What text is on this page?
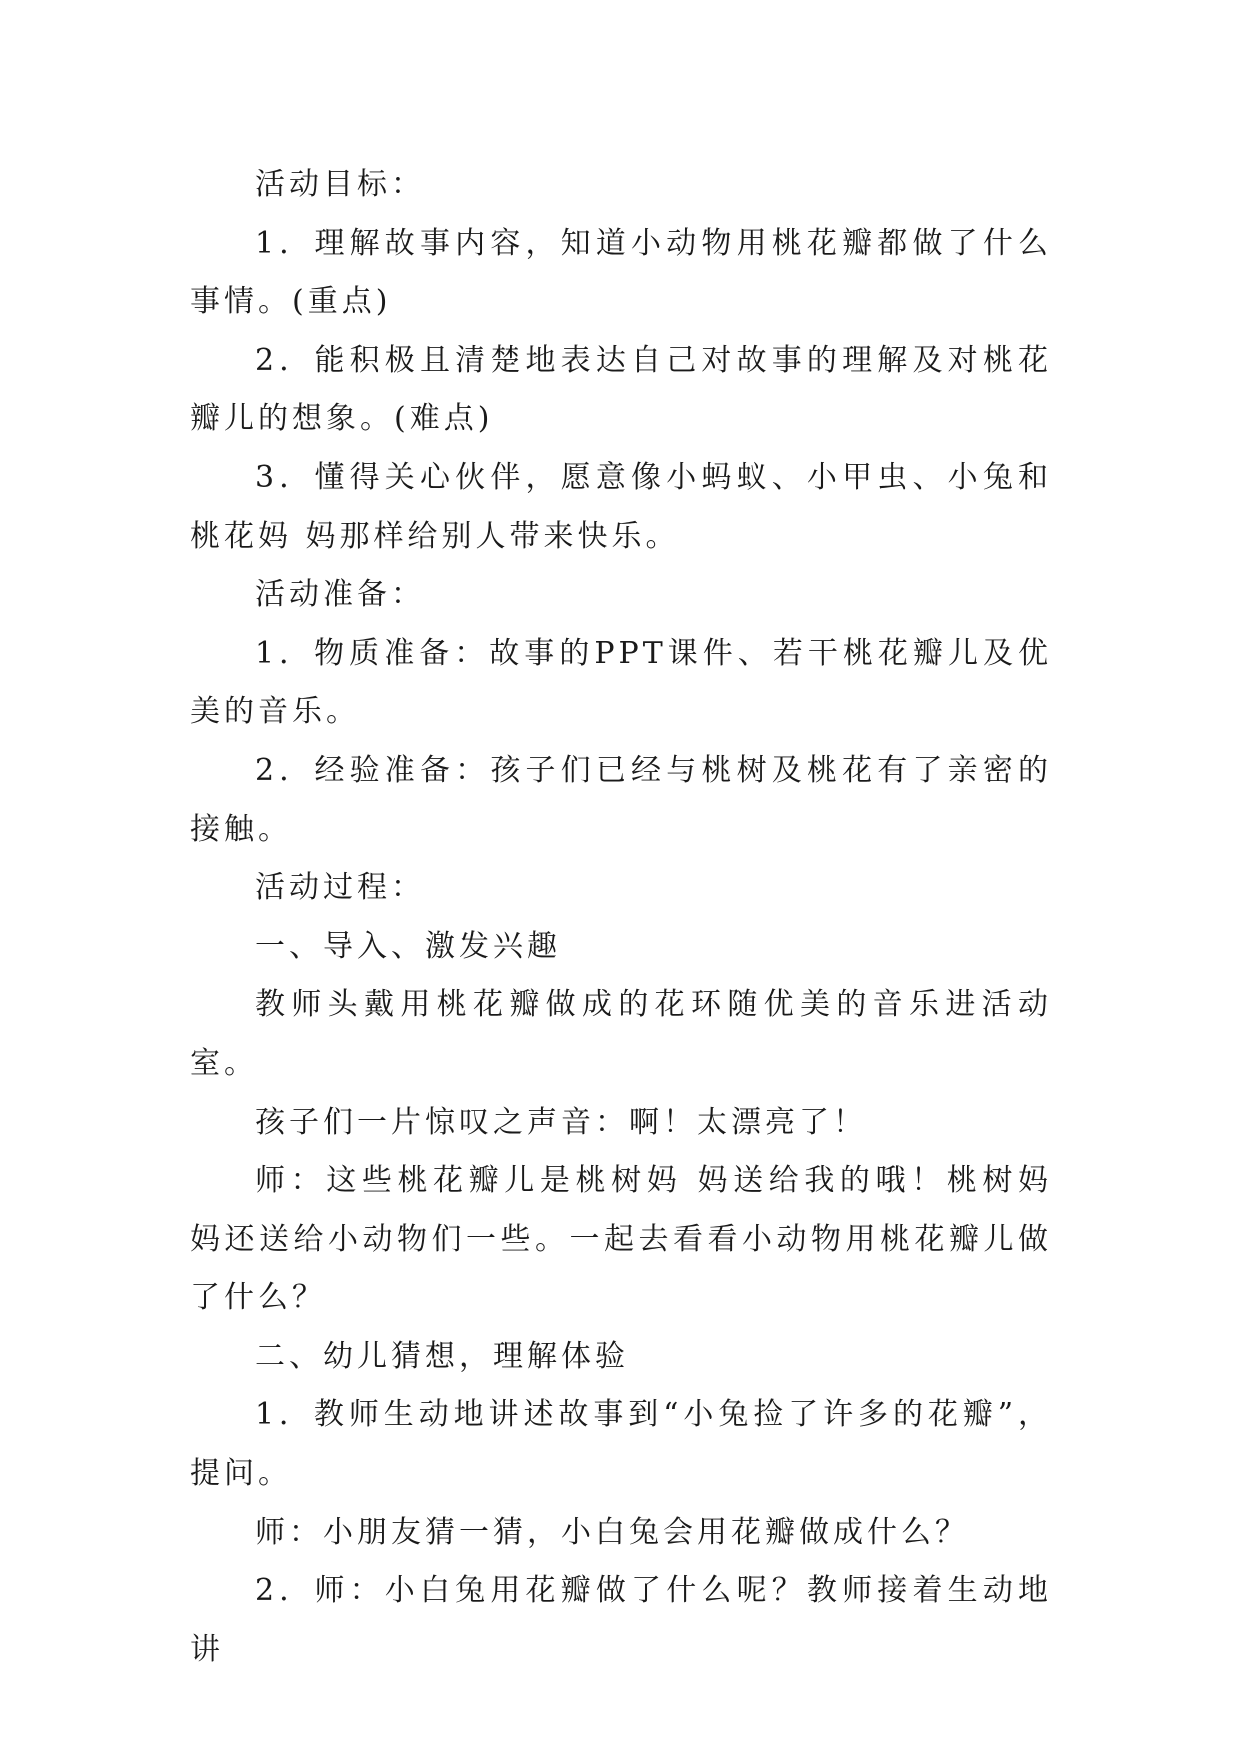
活动目标：

1．理解故事内容，知道小动物用桃花瓣都做了什么事情。(重点)

2．能积极且清楚地表达自己对故事的理解及对桃花瓣儿的想象。(难点)

3．懂得关心伙伴，愿意像小蚂蚁、小甲虫、小兔和桃花妈 妈那样给别人带来快乐。

活动准备：

1．物质准备：故事的PPT课件、若干桃花瓣儿及优美的音乐。

2．经验准备：孩子们已经与桃树及桃花有了亲密的接触。

活动过程：

一、导入、激发兴趣

教师头戴用桃花瓣做成的花环随优美的音乐进活动室。

孩子们一片惊叹之声音：啊！太漂亮了！

师：这些桃花瓣儿是桃树妈 妈送给我的哦！桃树妈 妈还送给小动物们一些。一起去看看小动物用桃花瓣儿做了什么？

二、幼儿猜想，理解体验

1．教师生动地讲述故事到“小兔捡了许多的花瓣”，提问。

师：小朋友猜一猜，小白兔会用花瓣做成什么？

2．师：小白兔用花瓣做了什么呢？教师接着生动地讲
